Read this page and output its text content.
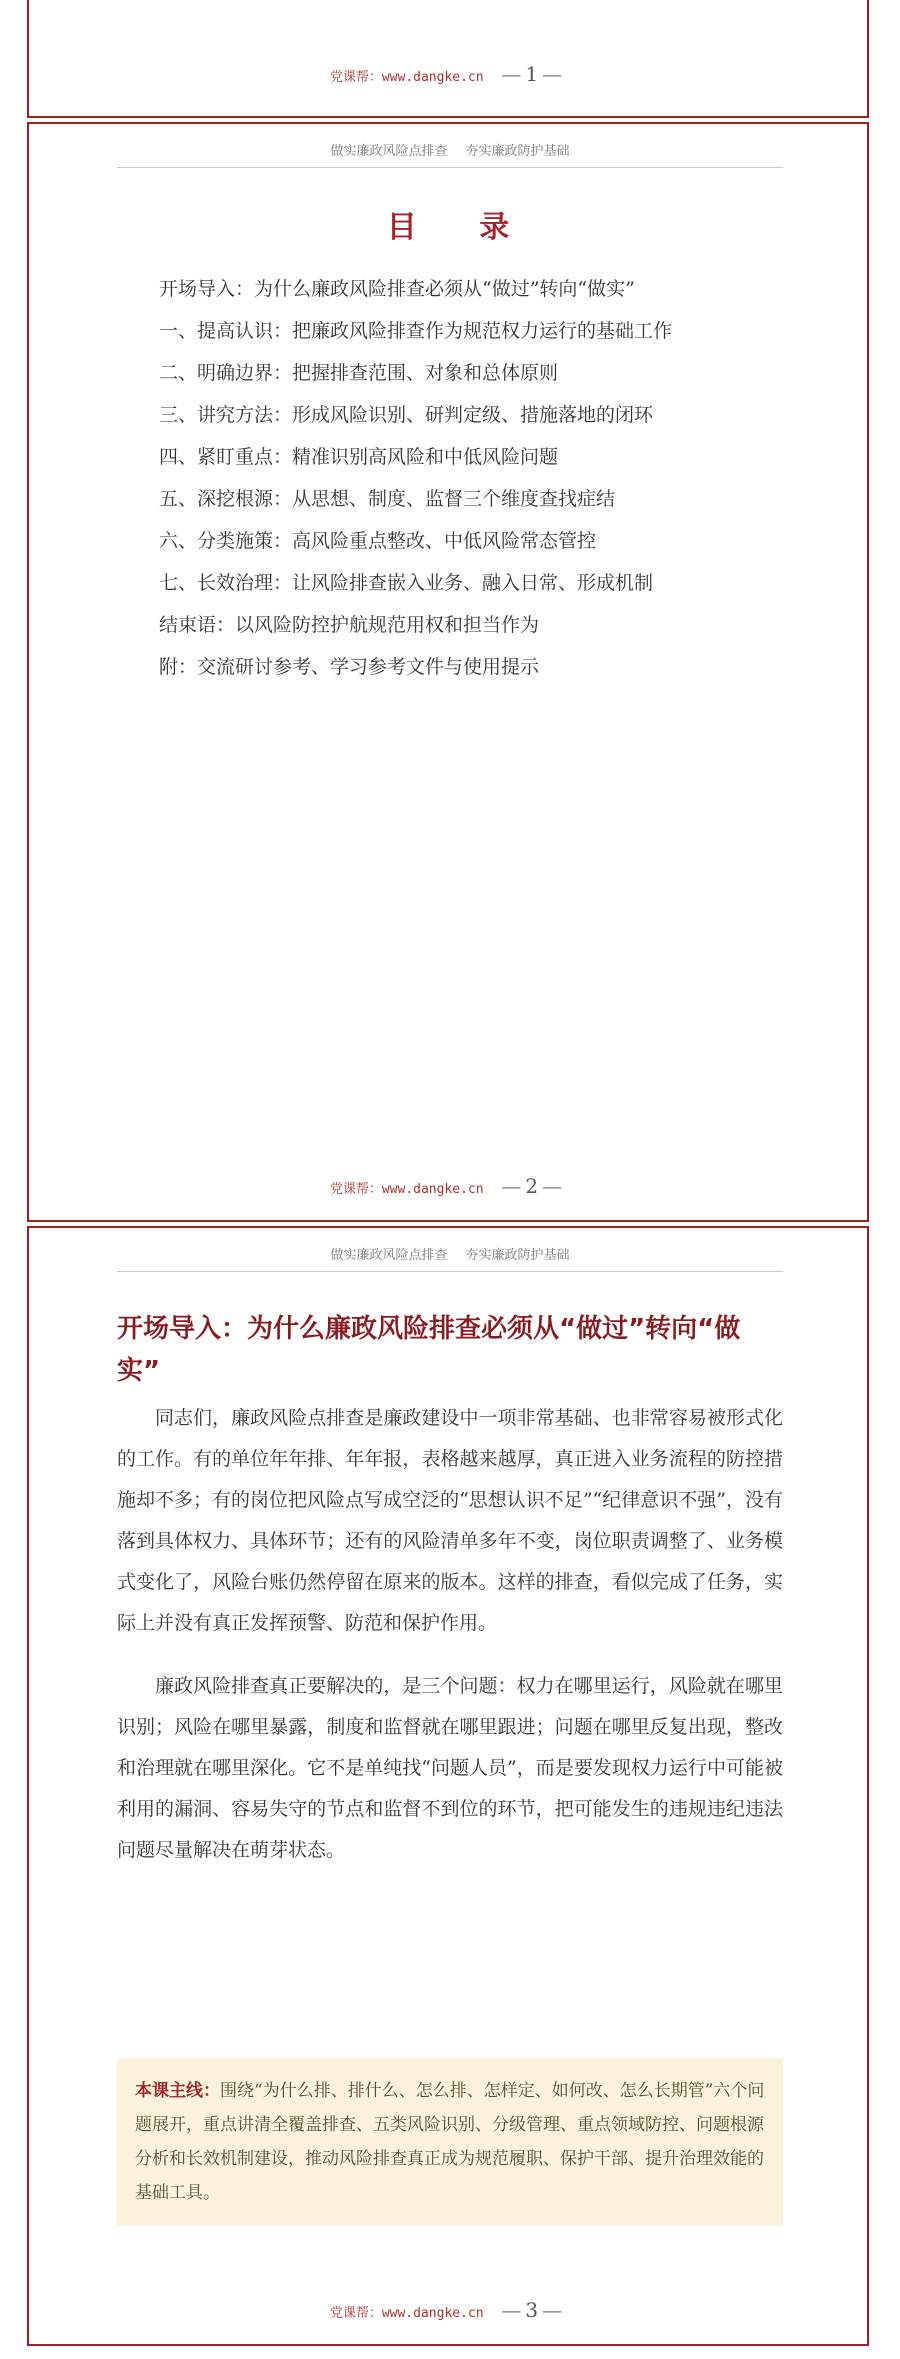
党课帮：www.dangke.cn — 1 —
做实廉政风险点排查 夯实廉政防护基础
目 录
开场导入：为什么廉政风险排查必须从“做过”转向“做实”
一、提高认识：把廉政风险排查作为规范权力运行的基础工作
二、明确边界：把握排查范围、对象和总体原则
三、讲究方法：形成风险识别、研判定级、措施落地的闭环
四、紧盯重点：精准识别高风险和中低风险问题
五、深挖根源：从思想、制度、监督三个维度查找症结
六、分类施策：高风险重点整改、中低风险常态管控
七、长效治理：让风险排查嵌入业务、融入日常、形成机制
结束语：以风险防控护航规范用权和担当作为
附：交流研讨参考、学习参考文件与使用提示
党课帮：www.dangke.cn — 2 —
做实廉政风险点排查 夯实廉政防护基础
开场导入：为什么廉政风险排查必须从“做过”转向“做实”

同志们，廉政风险点排查是廉政建设中一项非常基础、也非常容易被形式化的工作。有的单位年年排、年年报，表格越来越厚，真正进入业务流程的防控措施却不多；有的岗位把风险点写成空泛的“思想认识不足”“纪律意识不强”，没有落到具体权力、具体环节；还有的风险清单多年不变，岗位职责调整了、业务模式变化了，风险台账仍然停留在原来的版本。这样的排查，看似完成了任务，实际上并没有真正发挥预警、防范和保护作用。

廉政风险排查真正要解决的，是三个问题：权力在哪里运行，风险就在哪里识别；风险在哪里暴露，制度和监督就在哪里跟进；问题在哪里反复出现，整改和治理就在哪里深化。它不是单纯找“问题人员”，而是要发现权力运行中可能被利用的漏洞、容易失守的节点和监督不到位的环节，把可能发生的违规违纪违法问题尽量解决在萌芽状态。

本课主线：围绕“为什么排、排什么、怎么排、怎样定、如何改、怎么长期管”六个问题展开，重点讲清全覆盖排查、五类风险识别、分级管理、重点领域防控、问题根源分析和长效机制建设，推动风险排查真正成为规范履职、保护干部、提升治理效能的基础工具。
党课帮：www.dangke.cn — 3 —
